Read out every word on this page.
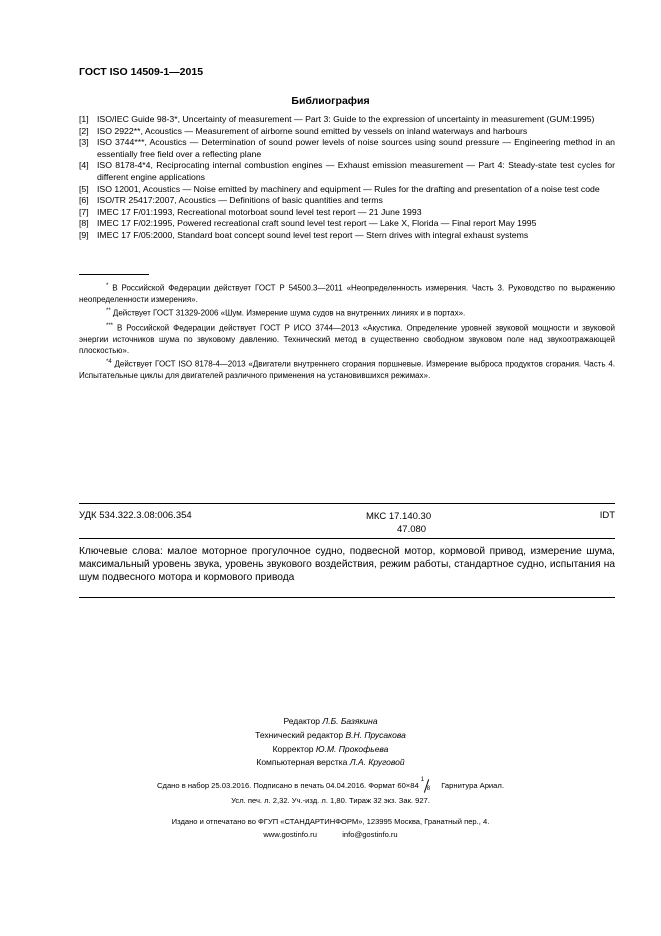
ГОСТ ISO 14509-1—2015
Библиография
[1] ISO/IEC Guide 98-3*, Uncertainty of measurement — Part 3: Guide to the expression of uncertainty in measurement (GUM:1995)
[2] ISO 2922**, Acoustics — Measurement of airborne sound emitted by vessels on inland waterways and harbours
[3] ISO 3744***, Acoustics — Determination of sound power levels of noise sources using sound pressure — Engineering method in an essentially free field over a reflecting plane
[4] ISO 8178-4*4, Reciprocating internal combustion engines — Exhaust emission measurement — Part 4: Steady-state test cycles for different engine applications
[5] ISO 12001, Acoustics — Noise emitted by machinery and equipment — Rules for the drafting and presentation of a noise test code
[6] ISO/TR 25417:2007, Acoustics — Definitions of basic quantities and terms
[7] IMEC 17 F/01:1993, Recreational motorboat sound level test report — 21 June 1993
[8] IMEC 17 F/02:1995, Powered recreational craft sound level test report — Lake X, Florida — Final report May 1995
[9] IMEC 17 F/05:2000, Standard boat concept sound level test report — Stern drives with integral exhaust systems
* В Российской Федерации действует ГОСТ Р 54500.3—2011 «Неопределенность измерения. Часть 3. Руководство по выражению неопределенности измерения».
** Действует ГОСТ 31329-2006 «Шум. Измерение шума судов на внутренних линиях и в портах».
*** В Российской Федерации действует ГОСТ Р ИСО 3744—2013 «Акустика. Определение уровней звуковой мощности и звуковой энергии источников шума по звуковому давлению. Технический метод в существенно свободном звуковом поле над звукоотражающей плоскостью».
$^{*4}$ Действует ГОСТ ISO 8178-4—2013 «Двигатели внутреннего сгорания поршневые. Измерение выброса продуктов сгорания. Часть 4. Испытательные циклы для двигателей различного применения на установившихся режимах».
УДК 534.322.3.08:006.354	МКС 17.140.30
47.080
IDT
Ключевые слова: малое моторное прогулочное судно, подвесной мотор, кормовой привод, измерение шума, максимальный уровень звука, уровень звукового воздействия, режим работы, стандартное судно, испытания на шум подвесного мотора и кормового привода
Редактор Л.Б. Базякина
Технический редактор В.Н. Прусакова
Корректор Ю.М. Прокофьева
Компьютерная верстка Л.А. Круговой
Сдано в набор 25.03.2016. Подписано в печать 04.04.2016. Формат 60×84
1
8 Гарнитура Ариал.
Усл. печ. л. 2,32. Уч.-изд. л. 1,80. Тираж 32 экз. Зак. 927.
Издано и отпечатано во ФГУП «СТАНДАРТИНФОРМ», 123995 Москва, Гранатный пер., 4.
www.gostinfo.ru	info@gostinfo.ru
